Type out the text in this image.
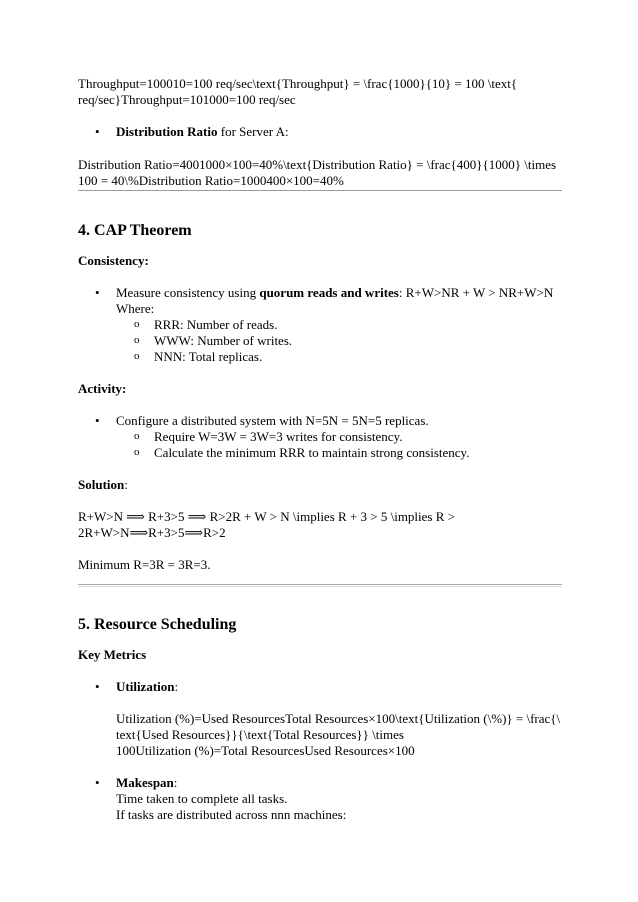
Throughput=100010=100 req/sec\text{Throughput} = \frac{1000}{10} = 100 \text{
req/sec}Throughput=101000=100 req/sec

• Distribution Ratio for Server A:

Distribution Ratio=4001000×100=40%\text{Distribution Ratio} = \frac{400}{1000} \times
100 = 40\%Distribution Ratio=1000400×100=40%

4. CAP Theorem

Consistency:

• Measure consistency using quorum reads and writes: R+W>NR + W > NR+W>N
Where:
o RRR: Number of reads.
o WWW: Number of writes.
o NNN: Total replicas.

Activity:

• Configure a distributed system with N=5N = 5N=5 replicas.
o Require W=3W = 3W=3 writes for consistency.
o Calculate the minimum RRR to maintain strong consistency.

Solution:

R+W>N ⟹ R+3>5 ⟹ R>2R + W > N \implies R + 3 > 5 \implies R >
2R+W>N⟹R+3>5⟹R>2

Minimum R=3R = 3R=3.

5. Resource Scheduling

Key Metrics

• Utilization:

Utilization (%)=Used ResourcesTotal Resources×100\text{Utilization (\%)} = \frac{\
text{Used Resources}}{\text{Total Resources}} \times
100Utilization (%)=Total ResourcesUsed Resources×100

• Makespan:
Time taken to complete all tasks.
If tasks are distributed across nnn machines:
